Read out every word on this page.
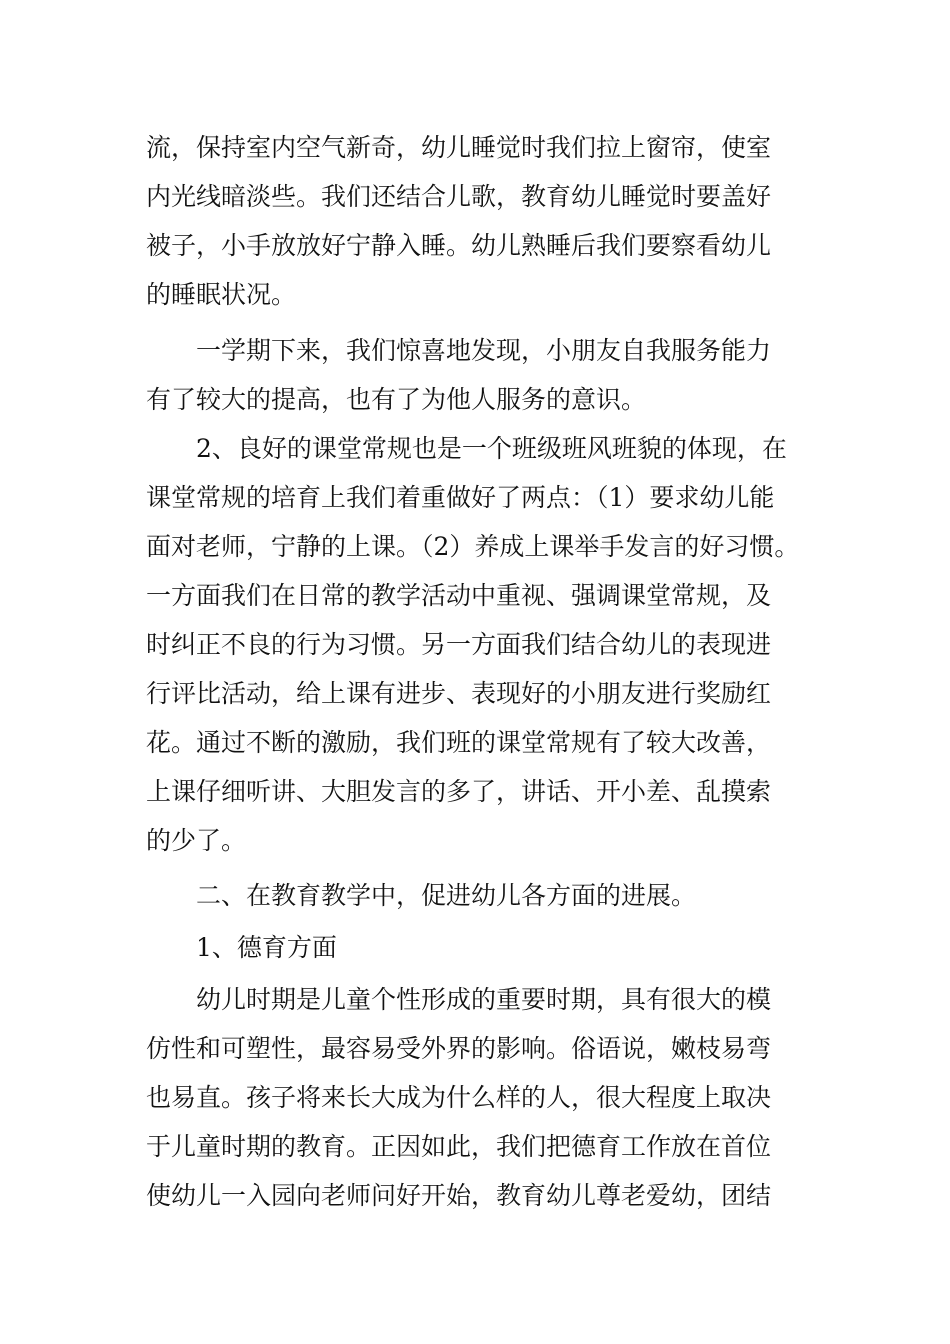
流，保持室内空气新奇，幼儿睡觉时我们拉上窗帘，使室
内光线暗淡些。我们还结合儿歌，教育幼儿睡觉时要盖好
被子，小手放放好宁静入睡。幼儿熟睡后我们要察看幼儿
的睡眠状况。
一学期下来，我们惊喜地发现，小朋友自我服务能力
有了较大的提高，也有了为他人服务的意识。
2、良好的课堂常规也是一个班级班风班貌的体现，在
课堂常规的培育上我们着重做好了两点：（1）要求幼儿能
面对老师，宁静的上课。（2）养成上课举手发言的好习惯。
一方面我们在日常的教学活动中重视、强调课堂常规，及
时纠正不良的行为习惯。另一方面我们结合幼儿的表现进
行评比活动，给上课有进步、表现好的小朋友进行奖励红
花。通过不断的激励，我们班的课堂常规有了较大改善，
上课仔细听讲、大胆发言的多了，讲话、开小差、乱摸索
的少了。
二、在教育教学中，促进幼儿各方面的进展。
1、德育方面
幼儿时期是儿童个性形成的重要时期，具有很大的模
仿性和可塑性，最容易受外界的影响。俗语说，嫩枝易弯
也易直。孩子将来长大成为什么样的人，很大程度上取决
于儿童时期的教育。正因如此，我们把德育工作放在首位
使幼儿一入园向老师问好开始，教育幼儿尊老爱幼，团结
